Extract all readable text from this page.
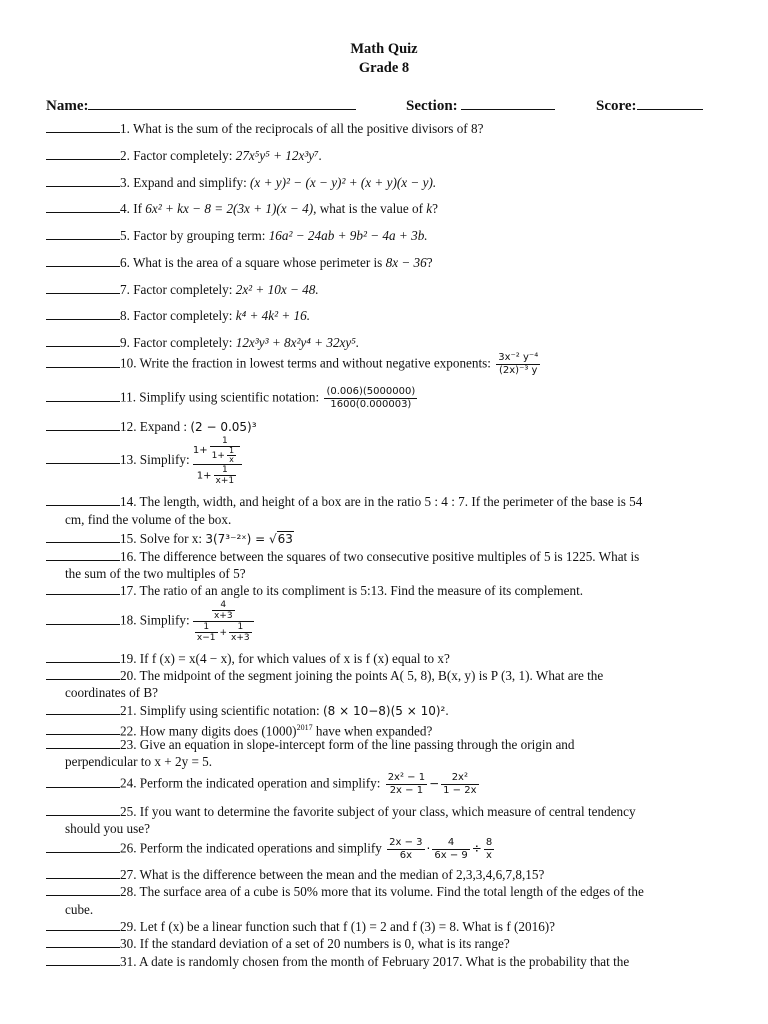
Math Quiz
Grade 8
Name:	Section:	Score:
1. What is the sum of the reciprocals of all the positive divisors of 8?
2. Factor completely: 27x⁵y⁵ + 12x³y⁷.
3. Expand and simplify: (x + y)² − (x − y)² + (x + y)(x − y).
4. If 6x² + kx − 8 = 2(3x + 1)(x − 4), what is the value of k?
5. Factor by grouping term: 16a² − 24ab + 9b² − 4a + 3b.
6. What is the area of a square whose perimeter is 8x − 36?
7. Factor completely: 2x² + 10x − 48.
8. Factor completely: k⁴ + 4k² + 16.
9. Factor completely: 12x³y³ + 8x²y⁴ + 32xy⁵.
10. Write the fraction in lowest terms and without negative exponents: $\frac{\text{3x⁻² y⁻⁴}}{\text{(2x)⁻³ y}}$
11. Simplify using scientific notation: $\frac{(0.006)(5000000)}{1600(0.000003)}$
12. Expand : (2 − 0.05)³
13. Simplify: $\frac{1+ \frac{1}{1+ \frac{1}{x}}}{1+ \frac{1}{x+1}}$
14. The length, width, and height of a box are in the ratio 5 : 4 : 7. If the perimeter of the base is 54
cm, find the volume of the box.
15. Solve for x: 3(7³⁻²ˣ) = √63
16. The difference between the squares of two consecutive positive multiples of 5 is 1225. What is
the sum of the two multiples of 5?
17. The ratio of an angle to its compliment is 5:13. Find the measure of its complement.
18. Simplify: $\frac{\frac{4}{x+3}}{\frac{1}{x-1} + \frac{1}{x+3}}$
19. If f (x) = x(4 − x), for which values of x is f (x) equal to x?
20. The midpoint of the segment joining the points A( 5, 8), B(x, y) is P (3, 1). What are the
coordinates of B?
21. Simplify using scientific notation: (8 × 10−8)(5 × 10)².
22. How many digits does $(1000)^{2017}$ have when expanded?
23. Give an equation in slope-intercept form of the line passing through the origin and
perpendicular to x + 2y = 5.
24. Perform the indicated operation and simplify: $\frac{\text{2x² − 1}}{2x - 1} - \frac{\text{2x²}}{1 - 2x}$
25. If you want to determine the favorite subject of your class, which measure of central tendency
should you use?
26. Perform the indicated operations and simplify $\frac{2x - 3}{6x} \cdot \frac{4}{6x - 9} \div \frac{8}{x}$
27. What is the difference between the mean and the median of 2,3,3,4,6,7,8,15?
28. The surface area of a cube is 50% more that its volume. Find the total length of the edges of the
cube.
29. Let f (x) be a linear function such that f (1) = 2 and f (3) = 8. What is f (2016)?
30. If the standard deviation of a set of 20 numbers is 0, what is its range?
31. A date is randomly chosen from the month of February 2017. What is the probability that the
